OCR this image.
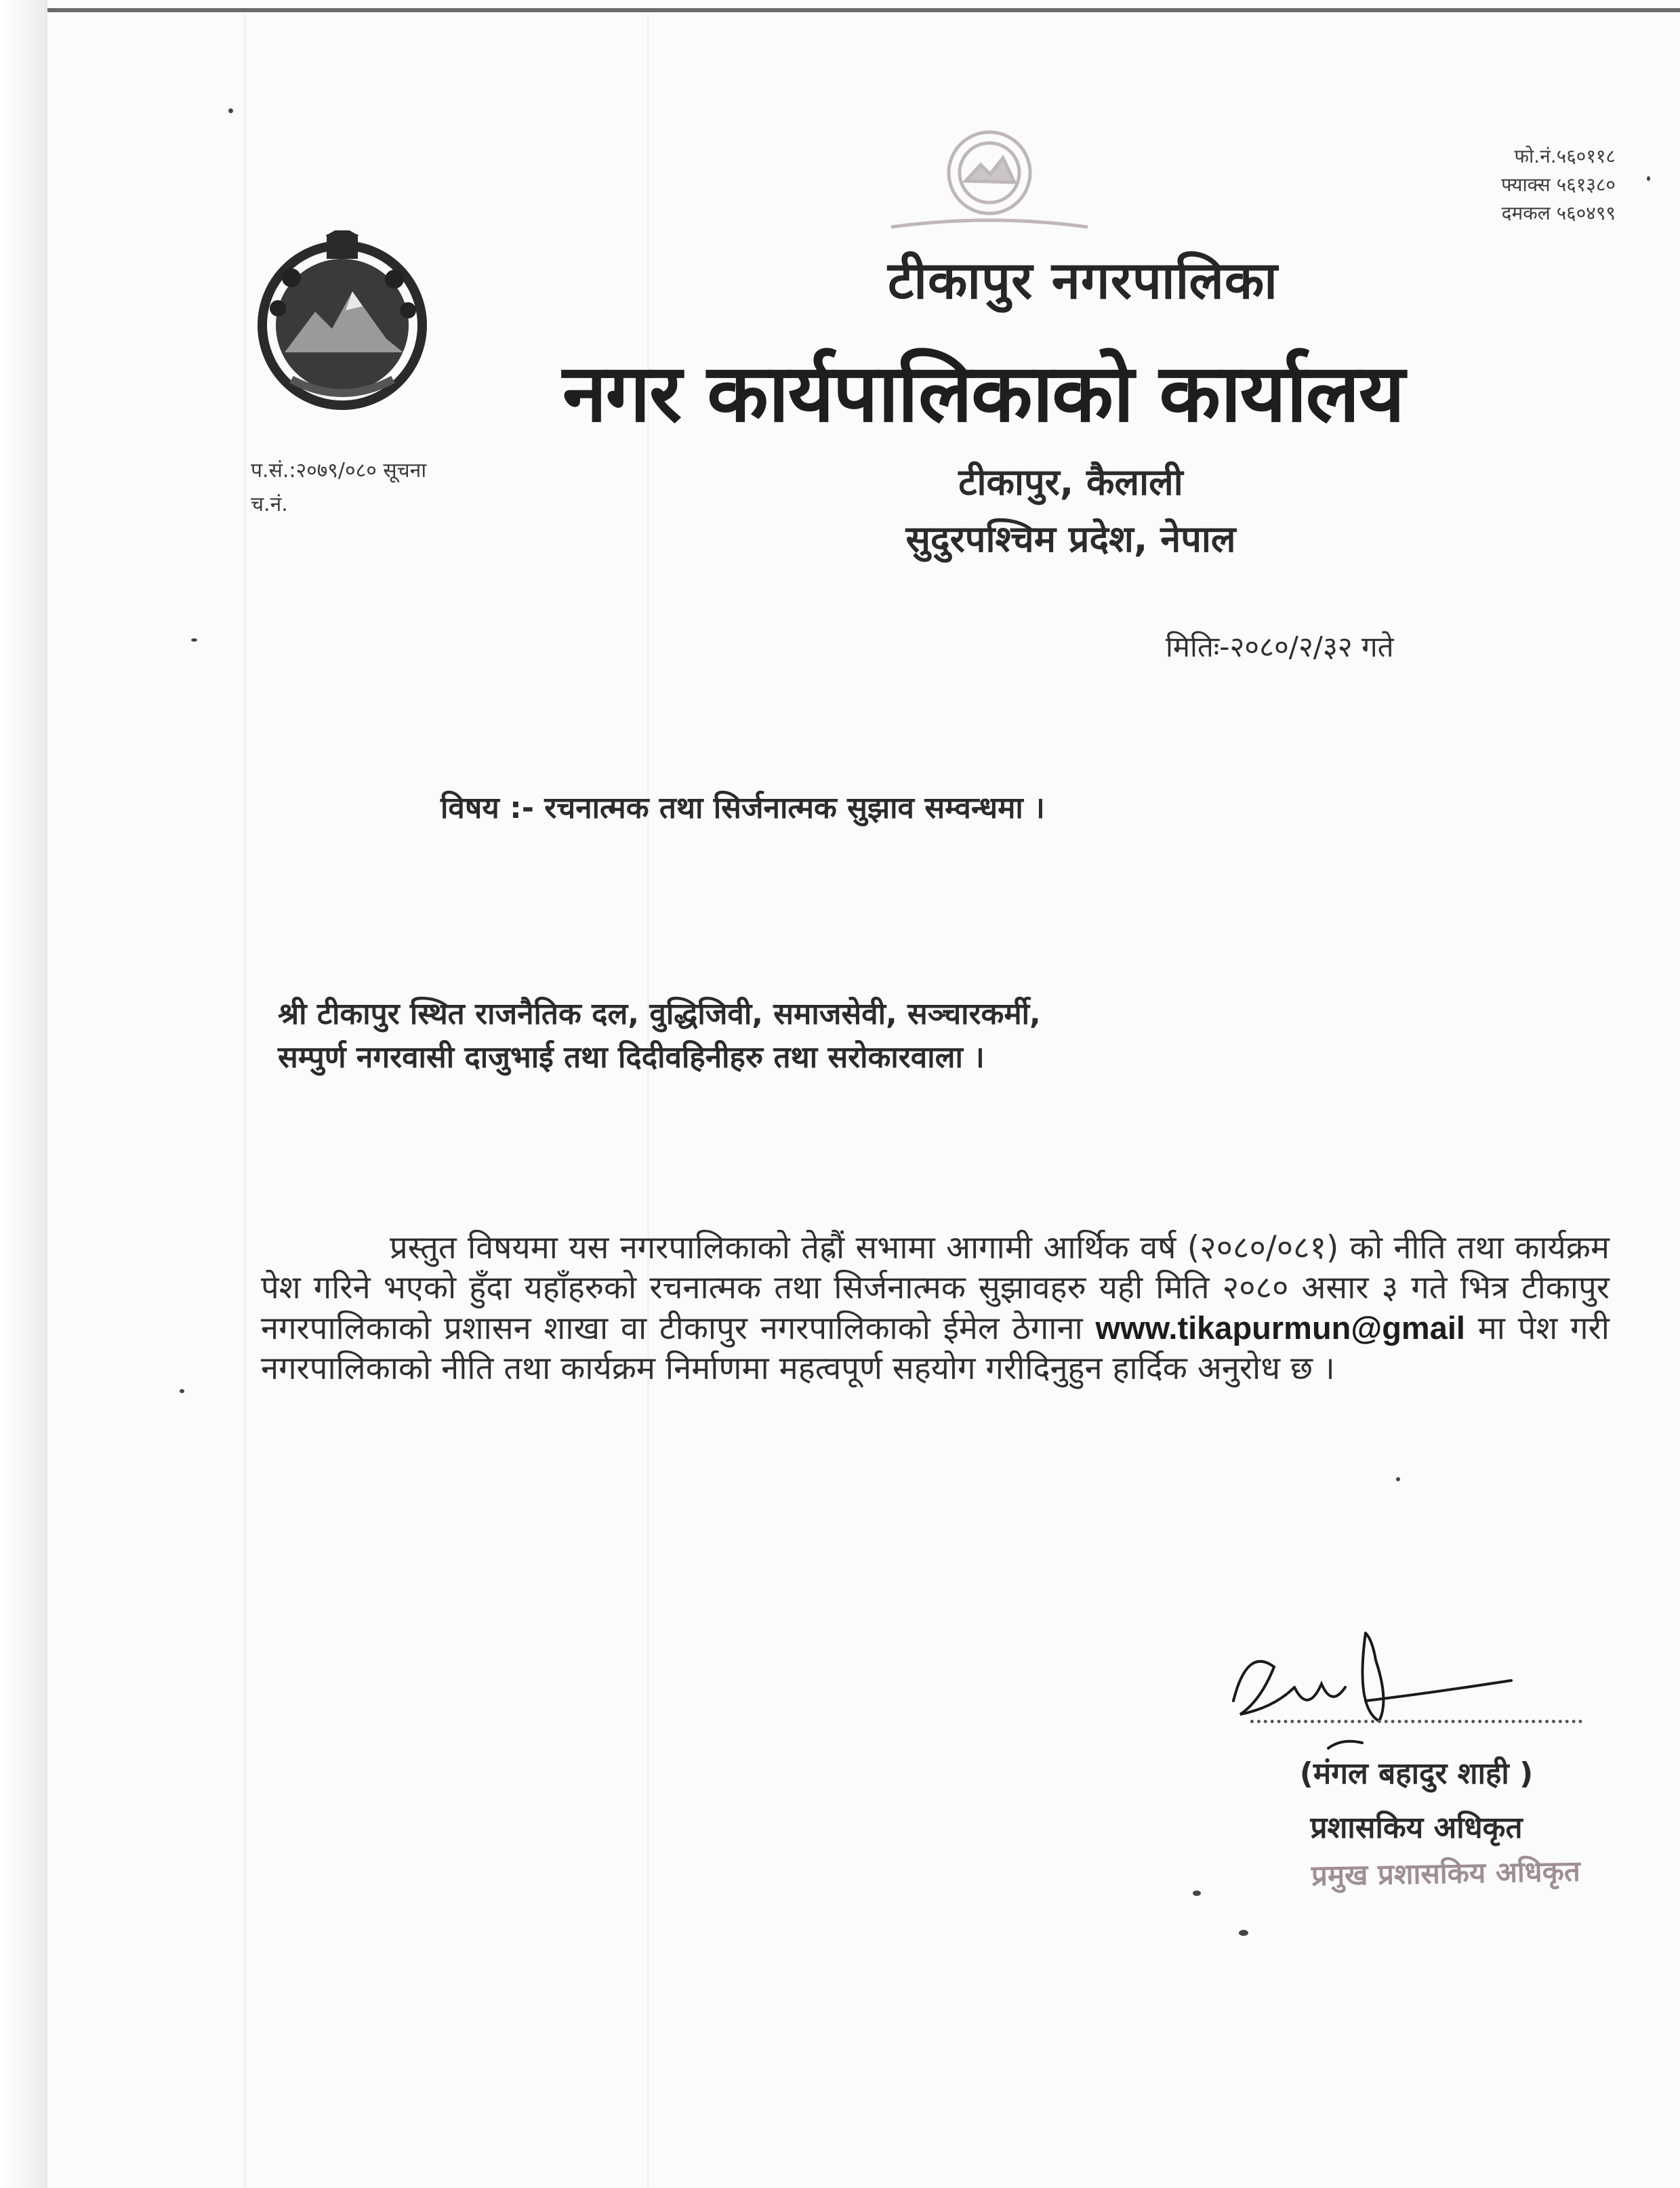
फो.नं.५६०११८
फ्याक्स ५६१३८०
दमकल ५६०४९९
टीकापुर नगरपालिका
नगर कार्यपालिकाको कार्यालय
प.सं.:२०७९/०८० सूचना
च.नं.
टीकापुर, कैलाली
सुदुरपश्चिम प्रदेश, नेपाल
मितिः-२०८०/२/३२ गते
विषय :- रचनात्मक तथा सिर्जनात्मक सुझाव सम्वन्धमा ।
श्री टीकापुर स्थित राजनैतिक दल, वुद्धिजिवी, समाजसेवी, सञ्चारकर्मी,
सम्पुर्ण नगरवासी दाजुभाई तथा दिदीवहिनीहरु तथा सरोकारवाला ।
प्रस्तुत विषयमा यस नगरपालिकाको तेह्रौं सभामा आगामी आर्थिक वर्ष (२०८०/०८१) को नीति तथा कार्यक्रम पेश गरिने भएको हुँदा यहाँहरुको रचनात्मक तथा सिर्जनात्मक सुझावहरु यही मिति २०८० असार ३ गते भित्र टीकापुर नगरपालिकाको प्रशासन शाखा वा टीकापुर नगरपालिकाको ईमेल ठेगाना www.tikapurmun@gmail मा पेश गरी नगरपालिकाको नीति तथा कार्यक्रम निर्माणमा महत्वपूर्ण सहयोग गरीदिनुहुन हार्दिक अनुरोध छ ।
(मंगल बहादुर शाही )
प्रशासकिय अधिकृत
प्रमुख प्रशासकिय अधिकृत
